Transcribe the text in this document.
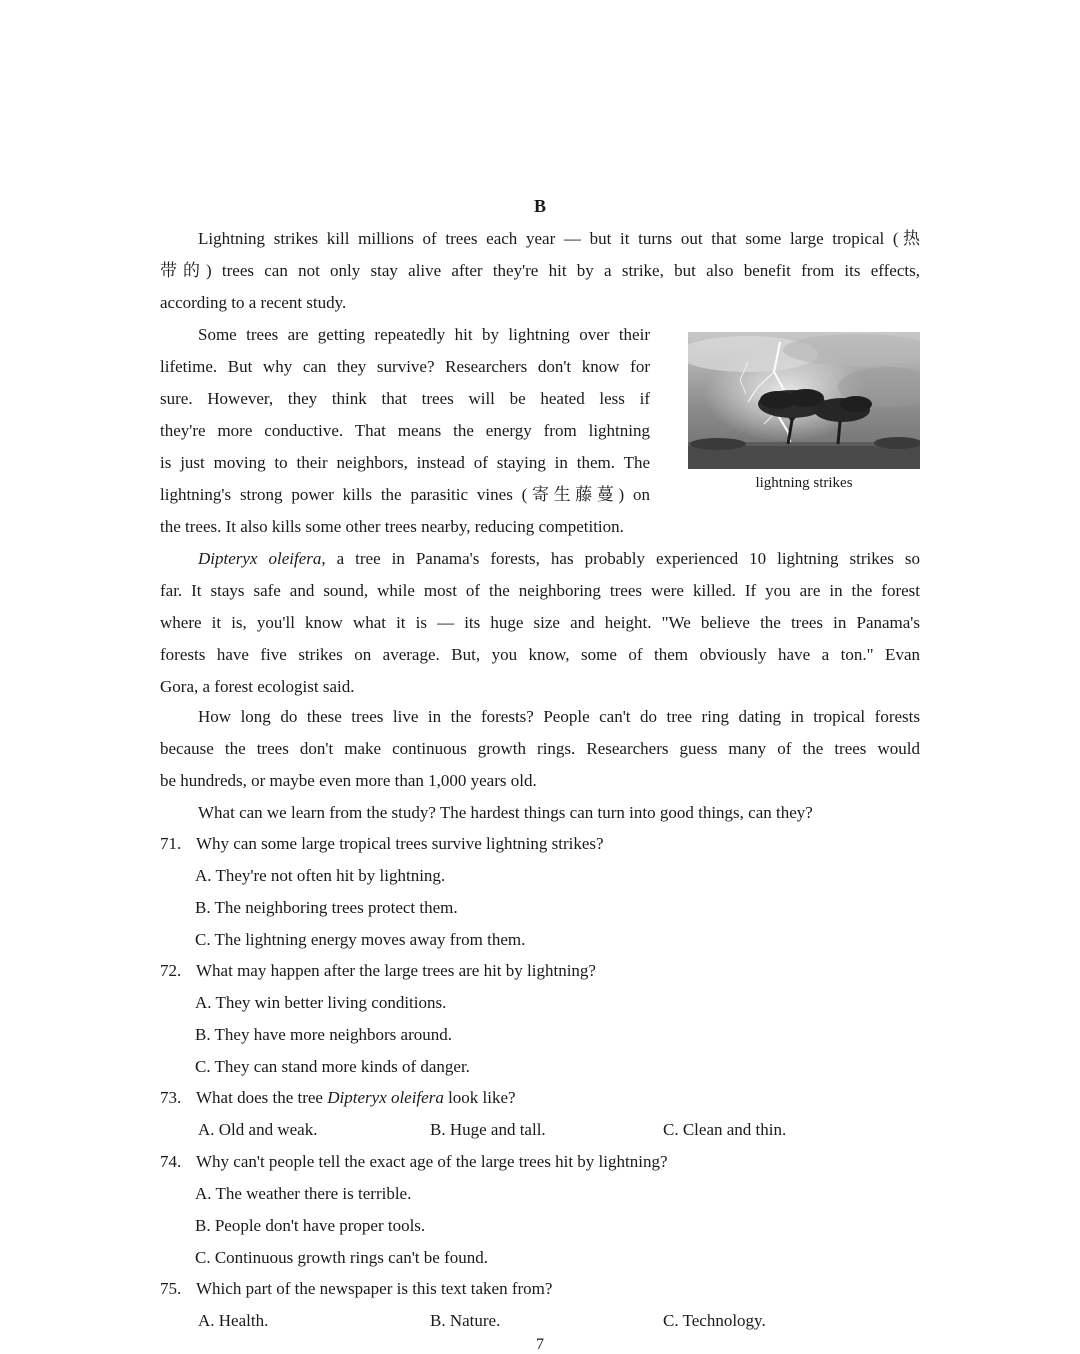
B
Lightning strikes kill millions of trees each year — but it turns out that some large tropical (热
带的) trees can not only stay alive after they're hit by a strike, but also benefit from its effects,
according to a recent study.
Some trees are getting repeatedly hit by lightning over their
lifetime. But why can they survive? Researchers don't know for
sure. However, they think that trees will be heated less if
they're more conductive. That means the energy from lightning
is just moving to their neighbors, instead of staying in them. The
lightning's strong power kills the parasitic vines (寄生藤蔓) on
the trees. It also kills some other trees nearby, reducing competition.
lightning strikes
Dipteryx oleifera, a tree in Panama's forests, has probably experienced 10 lightning strikes so
far. It stays safe and sound, while most of the neighboring trees were killed. If you are in the forest
where it is, you'll know what it is — its huge size and height. "We believe the trees in Panama's
forests have five strikes on average. But, you know, some of them obviously have a ton." Evan
Gora, a forest ecologist said.
How long do these trees live in the forests? People can't do tree ring dating in tropical forests
because the trees don't make continuous growth rings. Researchers guess many of the trees would
be hundreds, or maybe even more than 1,000 years old.
What can we learn from the study? The hardest things can turn into good things, can they?
71. Why can some large tropical trees survive lightning strikes?
A. They're not often hit by lightning.
B. The neighboring trees protect them.
C. The lightning energy moves away from them.
72. What may happen after the large trees are hit by lightning?
A. They win better living conditions.
B. They have more neighbors around.
C. They can stand more kinds of danger.
73. What does the tree Dipteryx oleifera look like?
A. Old and weak.	B. Huge and tall.	C. Clean and thin.
74. Why can't people tell the exact age of the large trees hit by lightning?
A. The weather there is terrible.
B. People don't have proper tools.
C. Continuous growth rings can't be found.
75. Which part of the newspaper is this text taken from?
A. Health.	B. Nature.	C. Technology.
7
